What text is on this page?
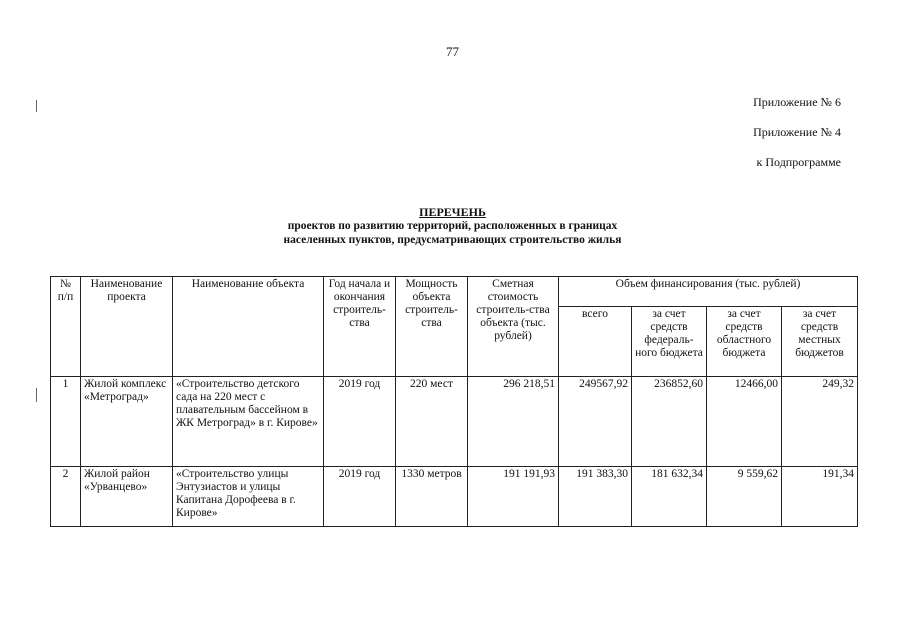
77
Приложение № 6
Приложение № 4
к Подпрограмме
ПЕРЕЧЕНЬ
проектов по развитию территорий, расположенных в границах
населенных пунктов, предусматривающих строительство жилья
№ п/п	Наименование проекта	Наименование объекта	Год начала и окончания строитель-ства	Мощность объекта строитель-ства	Сметная стоимость строитель-ства объекта (тыс. рублей)	Объем финансирования (тыс. рублей)			
						всего	за счет средств федераль-ного бюджета	за счет средств областного бюджета	за счет средств местных бюджетов
1	Жилой комплекс «Метроград»	«Строительство детского сада на 220 мест с плавательным бассейном в ЖК Метроград» в г. Кирове»	2019 год	220 мест	296 218,51	249567,92	236852,60	12466,00	249,32
2	Жилой район «Урванцево»	«Строительство улицы Энтузиастов и улицы Капитана Дорофеева в г. Кирове»	2019 год	1330 метров	191 191,93	191 383,30	181 632,34	9 559,62	191,34
